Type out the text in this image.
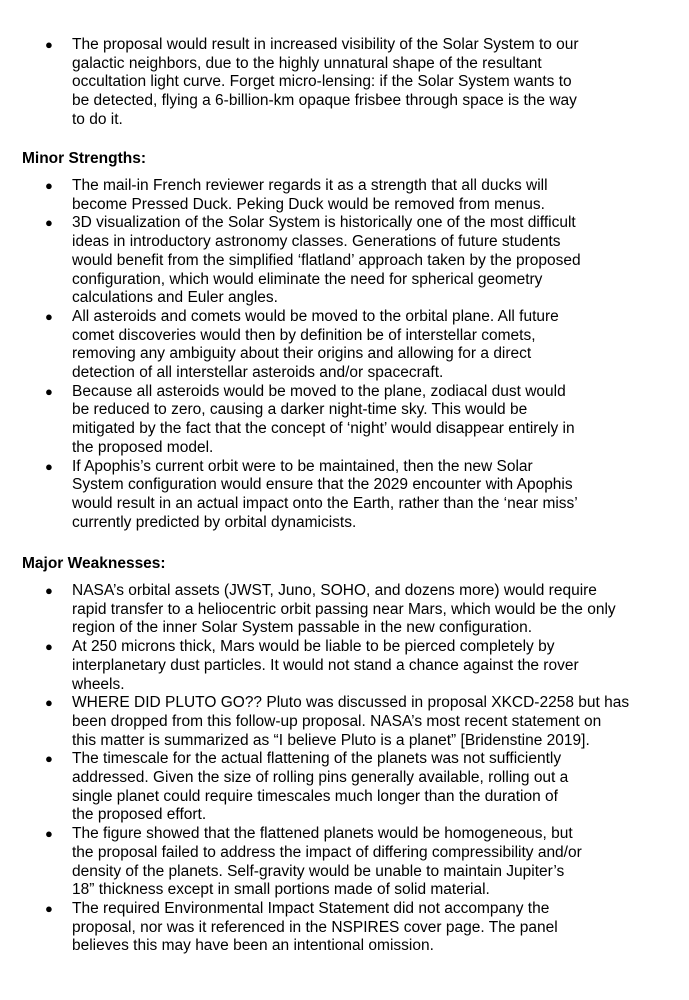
● The proposal would result in increased visibility of the Solar System to our
galactic neighbors, due to the highly unnatural shape of the resultant
occultation light curve. Forget micro-lensing: if the Solar System wants to
be detected, flying a 6-billion-km opaque frisbee through space is the way
to do it.
Minor Strengths:
● The mail-in French reviewer regards it as a strength that all ducks will
become Pressed Duck. Peking Duck would be removed from menus.
● 3D visualization of the Solar System is historically one of the most difficult
ideas in introductory astronomy classes. Generations of future students
would benefit from the simplified ‘flatland’ approach taken by the proposed
configuration, which would eliminate the need for spherical geometry
calculations and Euler angles.
● All asteroids and comets would be moved to the orbital plane. All future
comet discoveries would then by definition be of interstellar comets,
removing any ambiguity about their origins and allowing for a direct
detection of all interstellar asteroids and/or spacecraft.
● Because all asteroids would be moved to the plane, zodiacal dust would
be reduced to zero, causing a darker night-time sky. This would be
mitigated by the fact that the concept of ‘night’ would disappear entirely in
the proposed model.
● If Apophis’s current orbit were to be maintained, then the new Solar
System configuration would ensure that the 2029 encounter with Apophis
would result in an actual impact onto the Earth, rather than the ‘near miss’
currently predicted by orbital dynamicists.
Major Weaknesses:
● NASA’s orbital assets (JWST, Juno, SOHO, and dozens more) would require
rapid transfer to a heliocentric orbit passing near Mars, which would be the only
region of the inner Solar System passable in the new configuration.
● At 250 microns thick, Mars would be liable to be pierced completely by
interplanetary dust particles. It would not stand a chance against the rover
wheels.
● WHERE DID PLUTO GO?? Pluto was discussed in proposal XKCD-2258 but has
been dropped from this follow-up proposal. NASA’s most recent statement on
this matter is summarized as “I believe Pluto is a planet” [Bridenstine 2019].
● The timescale for the actual flattening of the planets was not sufficiently
addressed. Given the size of rolling pins generally available, rolling out a
single planet could require timescales much longer than the duration of
the proposed effort.
● The figure showed that the flattened planets would be homogeneous, but
the proposal failed to address the impact of differing compressibility and/or
density of the planets. Self-gravity would be unable to maintain Jupiter’s
18” thickness except in small portions made of solid material.
● The required Environmental Impact Statement did not accompany the
proposal, nor was it referenced in the NSPIRES cover page. The panel
believes this may have been an intentional omission.
